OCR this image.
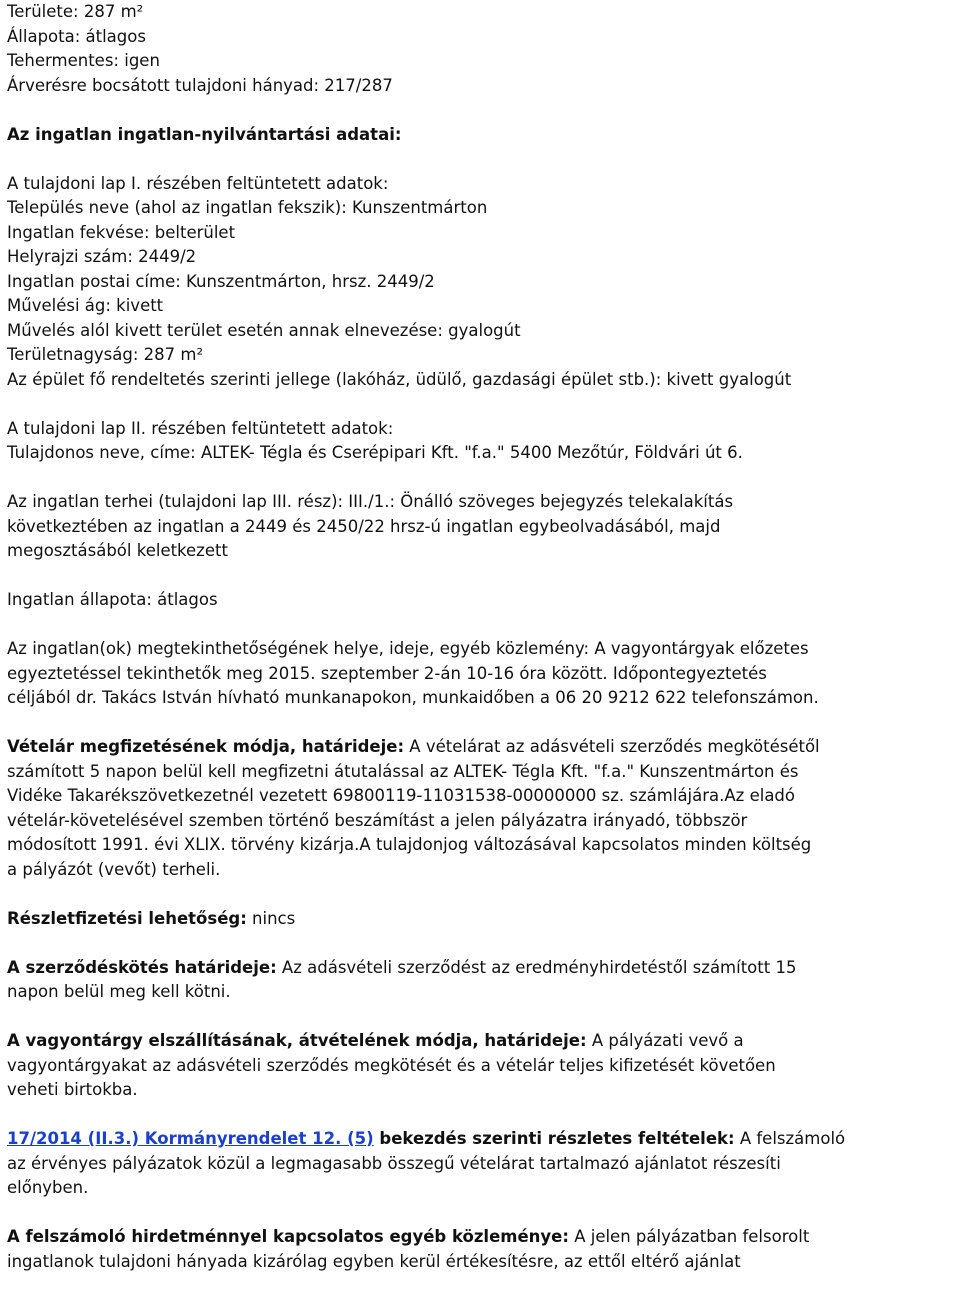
Területe: 287 m²
Állapota: átlagos
Tehermentes: igen
Árverésre bocsátott tulajdoni hányad: 217/287
Az ingatlan ingatlan-nyilvántartási adatai:
A tulajdoni lap I. részében feltüntetett adatok:
Település neve (ahol az ingatlan fekszik): Kunszentmárton
Ingatlan fekvése: belterület
Helyrajzi szám: 2449/2
Ingatlan postai címe: Kunszentmárton, hrsz. 2449/2
Művelési ág: kivett
Művelés alól kivett terület esetén annak elnevezése: gyalogút
Területnagyság: 287 m²
Az épület fő rendeltetés szerinti jellege (lakóház, üdülő, gazdasági épület stb.): kivett gyalogút
A tulajdoni lap II. részében feltüntetett adatok:
Tulajdonos neve, címe: ALTEK- Tégla és Cserépipari Kft. "f.a." 5400 Mezőtúr, Földvári út 6.
Az ingatlan terhei (tulajdoni lap III. rész): III./1.: Önálló szöveges bejegyzés telekalakítás
következtében az ingatlan a 2449 és 2450/22 hrsz-ú ingatlan egybeolvadásából, majd
megosztásából keletkezett
Ingatlan állapota: átlagos
Az ingatlan(ok) megtekinthetőségének helye, ideje, egyéb közlemény: A vagyontárgyak előzetes
egyeztetéssel tekinthetők meg 2015. szeptember 2-án 10-16 óra között. Időpontegyeztetés
céljából dr. Takács István hívható munkanapokon, munkaidőben a 06 20 9212 622 telefonszámon.
Vételár megfizetésének módja, határideje: A vételárat az adásvételi szerződés megkötésétől
számított 5 napon belül kell megfizetni átutalással az ALTEK- Tégla Kft. "f.a." Kunszentmárton és
Vidéke Takarékszövetkezetnél vezetett 69800119-11031538-00000000 sz. számlájára.Az eladó
vételár-követelésével szemben történő beszámítást a jelen pályázatra irányadó, többször
módosított 1991. évi XLIX. törvény kizárja.A tulajdonjog változásával kapcsolatos minden költség
a pályázót (vevőt) terheli.
Részletfizetési lehetőség: nincs
A szerződéskötés határideje: Az adásvételi szerződést az eredményhirdetéstől számított 15
napon belül meg kell kötni.
A vagyontárgy elszállításának, átvételének módja, határideje: A pályázati vevő a
vagyontárgyakat az adásvételi szerződés megkötését és a vételár teljes kifizetését követően
veheti birtokba.
17/2014 (II.3.) Kormányrendelet 12. (5) bekezdés szerinti részletes feltételek: A felszámoló
az érvényes pályázatok közül a legmagasabb összegű vételárat tartalmazó ajánlatot részesíti
előnyben.
A felszámoló hirdetménnyel kapcsolatos egyéb közleménye: A jelen pályázatban felsorolt
ingatlanok tulajdoni hányada kizárólag egyben kerül értékesítésre, az ettől eltérő ajánlat
